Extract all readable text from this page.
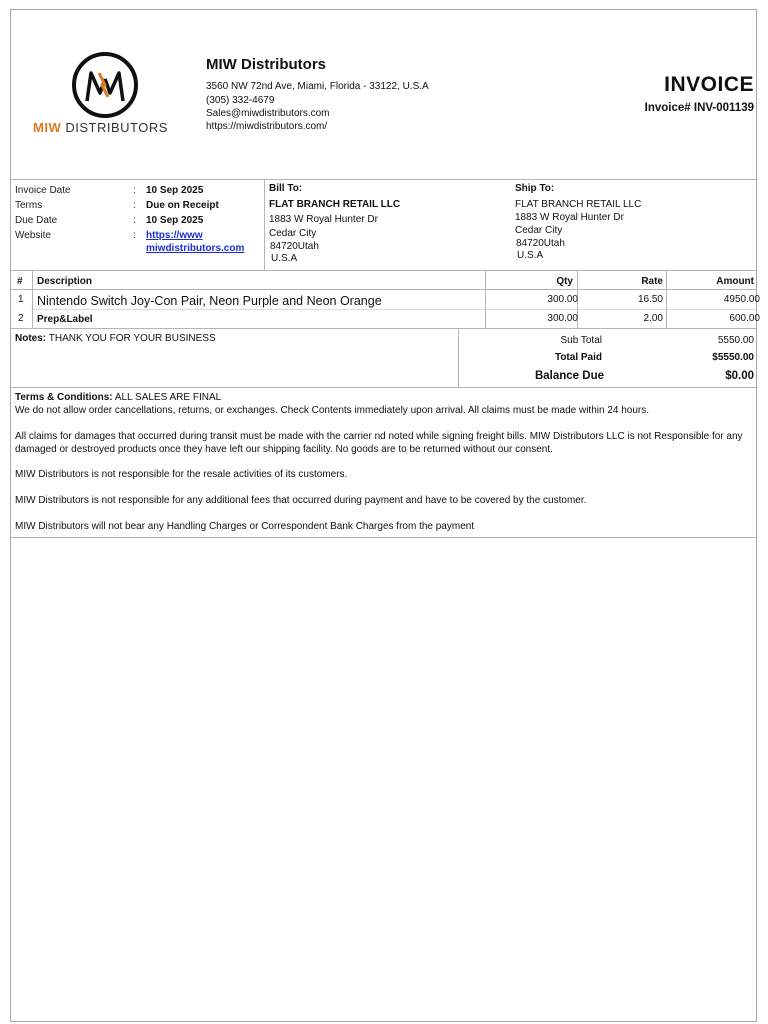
MIW DISTRIBUTORS
MIW Distributors
3560 NW 72nd Ave, Miami, Florida - 33122, U.S.A
(305) 332-4679
Sales@miwdistributors.com
https://miwdistributors.com/
INVOICE
Invoice# INV-001139
Invoice Date	: 10 Sep 2025
Terms	: Due on Receipt
Due Date	: 10 Sep 2025
Website	: https://www
miwdistributors.com
Bill To:
FLAT BRANCH RETAIL LLC
1883 W Royal Hunter Dr
Cedar City
84720Utah
U.S.A
Ship To:
FLAT BRANCH RETAIL LLC
1883 W Royal Hunter Dr
Cedar City
84720Utah
U.S.A
# Description	Qty	Rate	Amount
1 Nintendo Switch Joy-Con Pair, Neon Purple and Neon Orange	300.00	16.50	4950.00
2 Prep&Label	300.00	2.00	600.00
Notes: THANK YOU FOR YOUR BUSINESS	Sub Total	5550.00
Total Paid	$5550.00
Balance Due	$0.00
Terms & Conditions: ALL SALES ARE FINAL
We do not allow order cancellations, returns, or exchanges. Check Contents immediately upon arrival. All claims must be made within 24 hours.
All claims for damages that occurred during transit must be made with the carrier nd noted while signing freight bills. MIW Distributors LLC is not Responsible for any damaged or destroyed products once they have left our shipping facility. No goods are to be returned without our consent.
MIW Distributors is not responsible for the resale activities of its customers.
MIW Distributors is not responsible for any additional fees that occurred during payment and have to be covered by the customer.
MIW Distributors will not bear any Handling Charges or Correspondent Bank Charges from the payment
